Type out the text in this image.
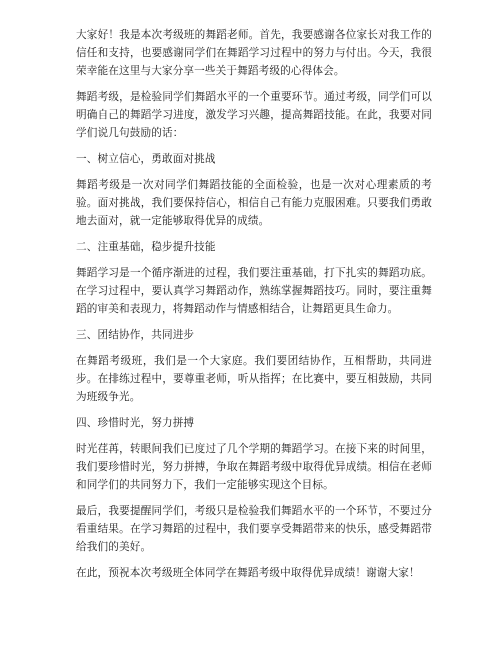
大家好！我是本次考级班的舞蹈老师。首先，我要感谢各位家长对我工作的信任和支持，也要感谢同学们在舞蹈学习过程中的努力与付出。今天，我很荣幸能在这里与大家分享一些关于舞蹈考级的心得体会。

舞蹈考级，是检验同学们舞蹈水平的一个重要环节。通过考级，同学们可以明确自己的舞蹈学习进度，激发学习兴趣，提高舞蹈技能。在此，我要对同学们说几句鼓励的话：

一、树立信心，勇敢面对挑战

舞蹈考级是一次对同学们舞蹈技能的全面检验，也是一次对心理素质的考验。面对挑战，我们要保持信心，相信自己有能力克服困难。只要我们勇敢地去面对，就一定能够取得优异的成绩。

二、注重基础，稳步提升技能

舞蹈学习是一个循序渐进的过程，我们要注重基础，打下扎实的舞蹈功底。在学习过程中，要认真学习舞蹈动作，熟练掌握舞蹈技巧。同时，要注重舞蹈的审美和表现力，将舞蹈动作与情感相结合，让舞蹈更具生命力。

三、团结协作，共同进步

在舞蹈考级班，我们是一个大家庭。我们要团结协作，互相帮助，共同进步。在排练过程中，要尊重老师，听从指挥；在比赛中，要互相鼓励，共同为班级争光。

四、珍惜时光，努力拼搏

时光荏苒，转眼间我们已度过了几个学期的舞蹈学习。在接下来的时间里，我们要珍惜时光，努力拼搏，争取在舞蹈考级中取得优异成绩。相信在老师和同学们的共同努力下，我们一定能够实现这个目标。

最后，我要提醒同学们，考级只是检验我们舞蹈水平的一个环节，不要过分看重结果。在学习舞蹈的过程中，我们要享受舞蹈带来的快乐，感受舞蹈带给我们的美好。

在此，预祝本次考级班全体同学在舞蹈考级中取得优异成绩！谢谢大家！
